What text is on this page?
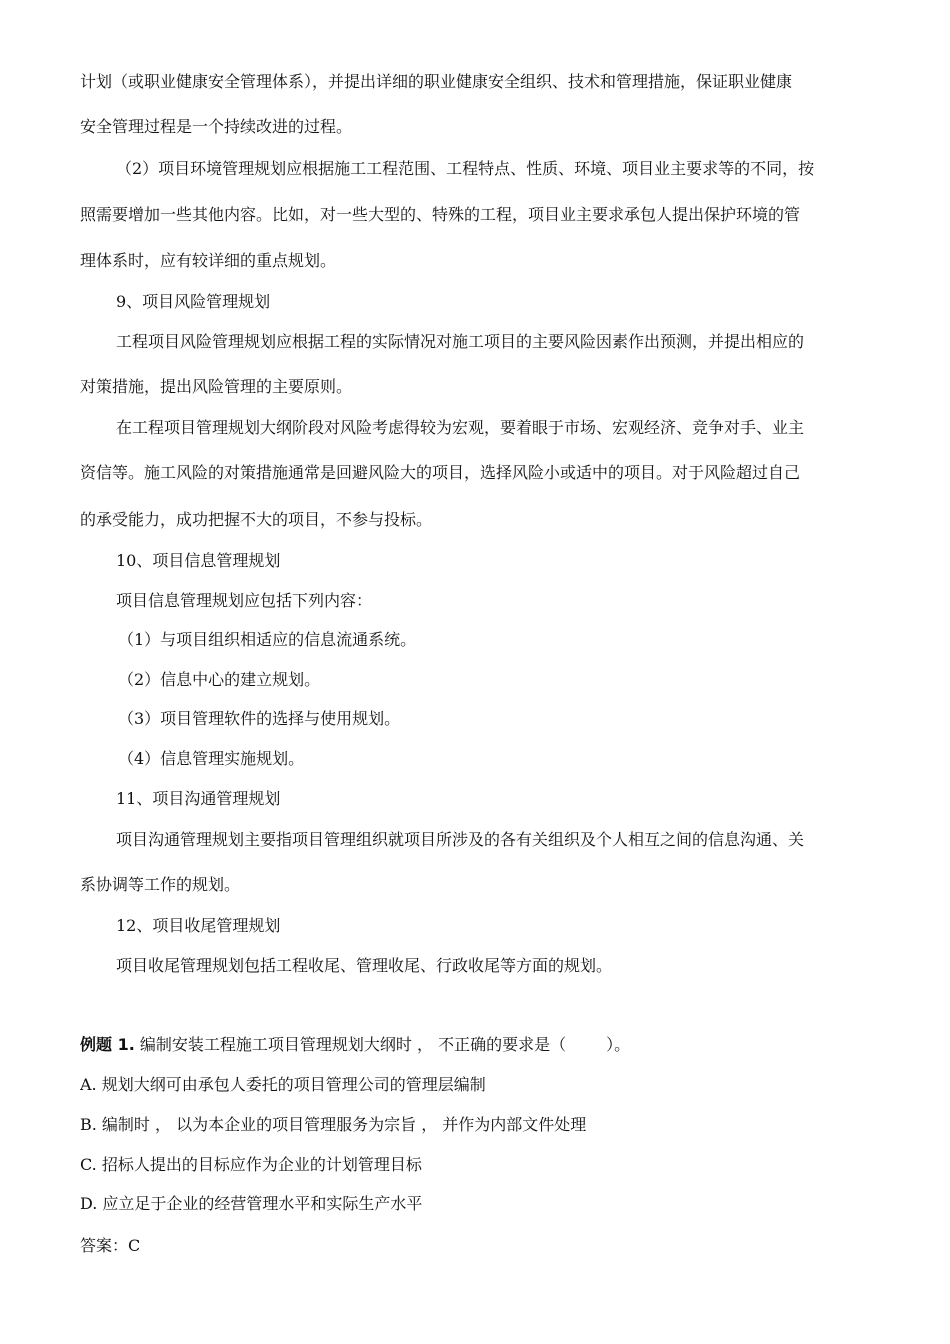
计划（或职业健康安全管理体系），并提出详细的职业健康安全组织、技术和管理措施，保证职业健康
安全管理过程是一个持续改进的过程。
（2）项目环境管理规划应根据施工工程范围、工程特点、性质、环境、项目业主要求等的不同，按
照需要增加一些其他内容。比如，对一些大型的、特殊的工程，项目业主要求承包人提出保护环境的管
理体系时，应有较详细的重点规划。
9、项目风险管理规划
工程项目风险管理规划应根据工程的实际情况对施工项目的主要风险因素作出预测，并提出相应的
对策措施，提出风险管理的主要原则。
在工程项目管理规划大纲阶段对风险考虑得较为宏观，要着眼于市场、宏观经济、竞争对手、业主
资信等。施工风险的对策措施通常是回避风险大的项目，选择风险小或适中的项目。对于风险超过自己
的承受能力，成功把握不大的项目，不参与投标。
10、项目信息管理规划
项目信息管理规划应包括下列内容：
（1）与项目组织相适应的信息流通系统。
（2）信息中心的建立规划。
（3）项目管理软件的选择与使用规划。
（4）信息管理实施规划。
11、项目沟通管理规划
项目沟通管理规划主要指项目管理组织就项目所涉及的各有关组织及个人相互之间的信息沟通、关
系协调等工作的规划。
12、项目收尾管理规划
项目收尾管理规划包括工程收尾、管理收尾、行政收尾等方面的规划。
例题 1. 编制安装工程施工项目管理规划大纲时 ， 不正确的要求是（	）。
A. 规划大纲可由承包人委托的项目管理公司的管理层编制
B. 编制时 ， 以为本企业的项目管理服务为宗旨 ， 并作为内部文件处理
C. 招标人提出的目标应作为企业的计划管理目标
D. 应立足于企业的经营管理水平和实际生产水平
答案：C
